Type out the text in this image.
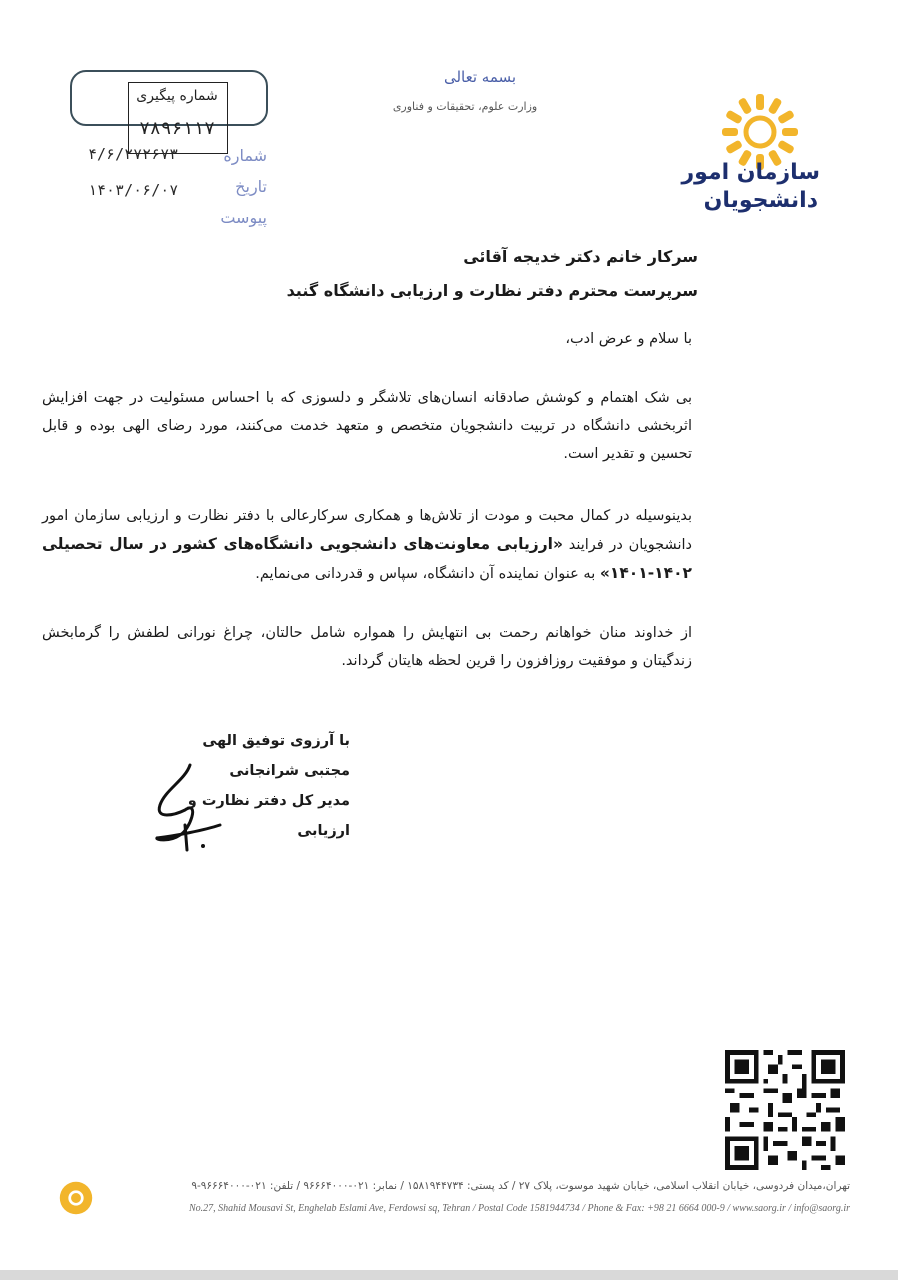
سازمان امور
دانشجویان
بسمه تعالی
وزارت علوم، تحقیقات و فناوری
شماره پیگیری
۷۸۹۶۱۱۷
شماره
تاریخ
پیوست
۴/۶/۲۷۲۶۷۳
۱۴۰۳/۰۶/۰۷
سرکار خانم دکتر خدیجه آقائی
سرپرست محترم دفتر نظارت و ارزیابی دانشگاه گنبد
با سلام و عرض ادب،
بی شک اهتمام و کوشش صادقانه انسان‌های تلاشگر و دلسوزی که با احساس مسئولیت در جهت افزایش اثربخشی دانشگاه در تربیت دانشجویان متخصص و متعهد خدمت می‌کنند، مورد رضای الهی بوده و قابل تحسین و تقدیر است.
بدینوسیله در کمال محبت و مودت از تلاش‌ها و همکاری سرکارعالی با دفتر نظارت و ارزیابی سازمان امور دانشجویان در فرایند «ارزیابی معاونت‌های دانشجویی دانشگاه‌های کشور در سال تحصیلی ۱۴۰۲-۱۴۰۱» به عنوان نماینده آن دانشگاه، سپاس و قدردانی می‌نمایم.
از خداوند منان خواهانم رحمت بی انتهایش را همواره شامل حالتان، چراغ نورانی لطفش را گرمابخش زندگیتان و موفقیت روزافزون را قرین لحظه هایتان گرداند.
با آرزوی توفیق الهی
مجتبی شرانجانی
مدیر کل دفتر نظارت و ارزیابی
تهران،میدان فردوسی، خیابان انقلاب اسلامی، خیابان شهید موسوت، پلاک ۲۷ / کد پستی: ۱۵۸۱۹۴۴۷۳۴ / نمابر: ۰۲۱-۹۶۶۶۴۰۰۰ / تلفن: ۰۲۱-۹۶۶۶۴۰۰۰-۹
No.27, Shahid Mousavi St, Enghelab Eslami Ave, Ferdowsi sq, Tehran / Postal Code 1581944734 / Phone & Fax: +98 21 6664 000-9 / www.saorg.ir / info@saorg.ir
